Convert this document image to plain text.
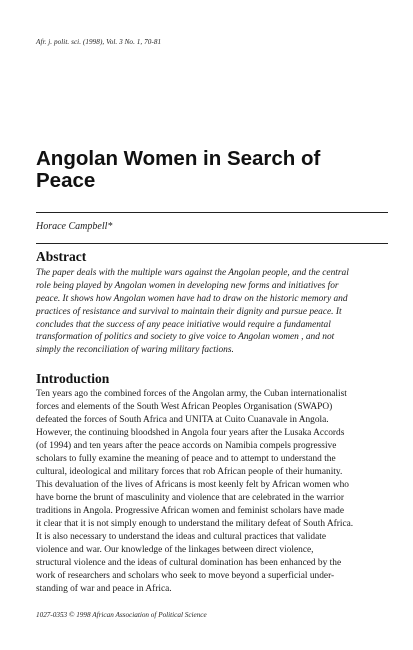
Afr. j. polit. sci. (1998), Vol. 3 No. 1, 70-81
Angolan Women in Search of
Peace
Horace Campbell*
Abstract
The paper deals with the multiple wars against the Angolan people, and the central
role being played by Angolan women in developing new forms and initiatives for
peace. It shows how Angolan women have had to draw on the historic memory and
practices of resistance and survival to maintain their dignity and pursue peace. It
concludes that the success of any peace initiative would require a fundamental
transformation of politics and society to give voice to Angolan women , and not
simply the reconciliation of waring military factions.
Introduction
Ten years ago the combined forces of the Angolan army, the Cuban internationalist
forces and elements of the South West African Peoples Organisation (SWAPO)
defeated the forces of South Africa and UNITA at Cuito Cuanavale in Angola.
However, the continuing bloodshed in Angola four years after the Lusaka Accords
(of 1994) and ten years after the peace accords on Namibia compels progressive
scholars to fully examine the meaning of peace and to attempt to understand the
cultural, ideological and military forces that rob African people of their humanity.
This devaluation of the lives of Africans is most keenly felt by African women who
have borne the brunt of masculinity and violence that are celebrated in the warrior
traditions in Angola. Progressive African women and feminist scholars have made
it clear that it is not simply enough to understand the military defeat of South Africa.
It is also necessary to understand the ideas and cultural practices that validate
violence and war. Our knowledge of the linkages between direct violence,
structural violence and the ideas of cultural domination has been enhanced by the
work of researchers and scholars who seek to move beyond a superficial under-
standing of war and peace in Africa.
1027-0353 © 1998 African Association of Political Science
